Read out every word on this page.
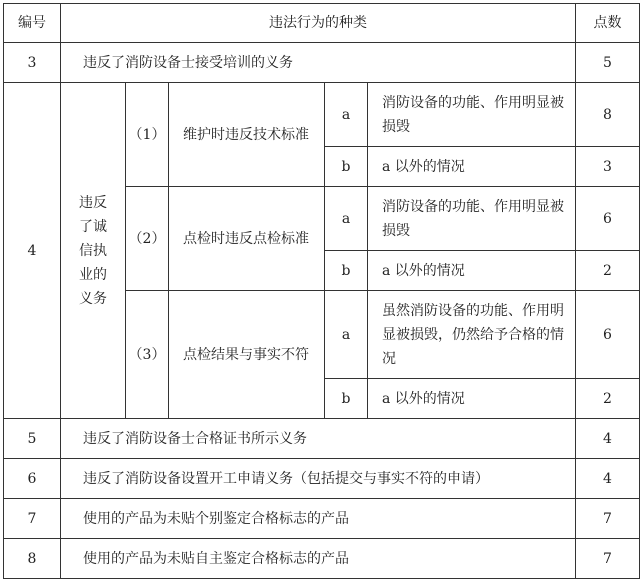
编号	违法行为的种类					点数
3	违反了消防设备士接受培训的义务					5
4	违反了诚信执业的义务	（1）	维护时违反技术标准	a	消防设备的功能、作用明显被损毁	8
				b	a 以外的情况	3
		（2）	点检时违反点检标准	a	消防设备的功能、作用明显被损毁	6
				b	a 以外的情况	2
		（3）	点检结果与事实不符	a	虽然消防设备的功能、作用明显被损毁，仍然给予合格的情况	6
				b	a 以外的情况	2
5	违反了消防设备士合格证书所示义务					4
6	违反了消防设备设置开工申请义务（包括提交与事实不符的申请）					4
7	使用的产品为未贴个别鉴定合格标志的产品					7
8	使用的产品为未贴自主鉴定合格标志的产品					7
